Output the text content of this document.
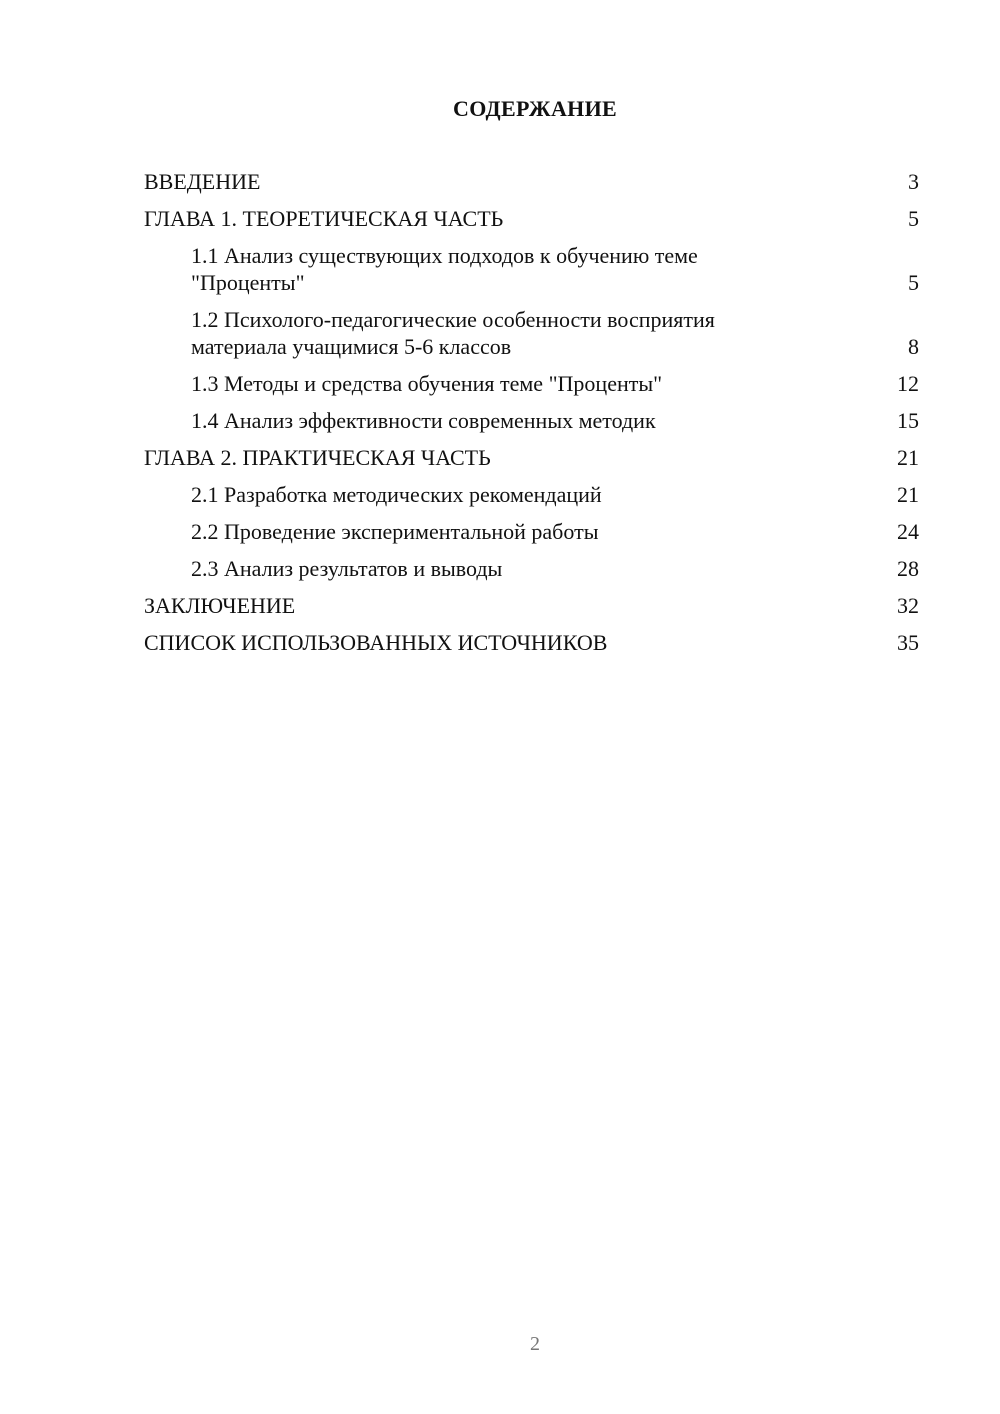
СОДЕРЖАНИЕ
ВВЕДЕНИЕ	3
ГЛАВА 1. ТЕОРЕТИЧЕСКАЯ ЧАСТЬ	5
1.1 Анализ существующих подходов к обучению теме
"Проценты"	5
1.2 Психолого-педагогические особенности восприятия
материала учащимися 5-6 классов	8
1.3 Методы и средства обучения теме "Проценты"	12
1.4 Анализ эффективности современных методик	15
ГЛАВА 2. ПРАКТИЧЕСКАЯ ЧАСТЬ	21
2.1 Разработка методических рекомендаций	21
2.2 Проведение экспериментальной работы	24
2.3 Анализ результатов и выводы	28
ЗАКЛЮЧЕНИЕ	32
СПИСОК ИСПОЛЬЗОВАННЫХ ИСТОЧНИКОВ	35
2
